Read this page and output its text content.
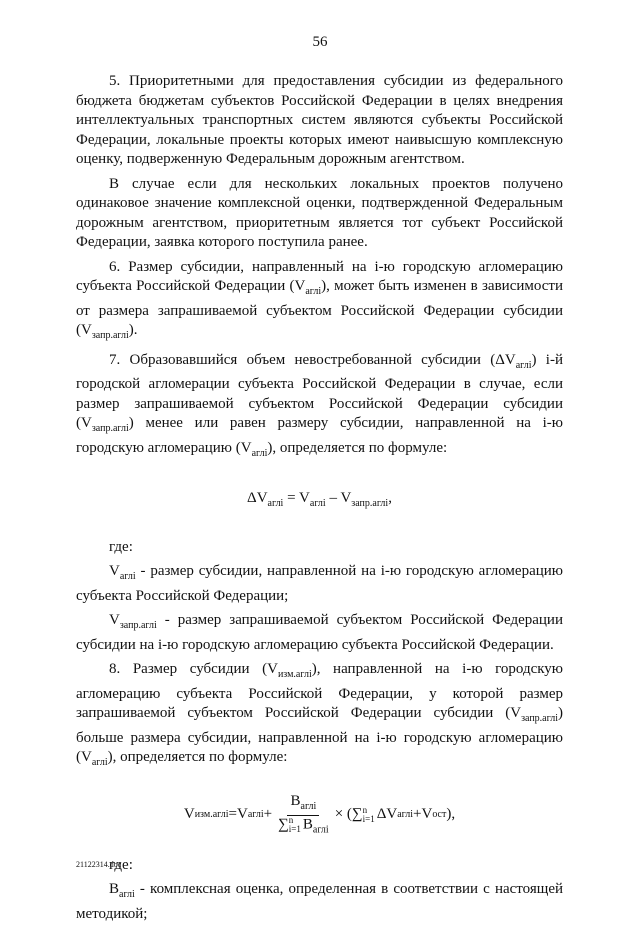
56

5. Приоритетными для предоставления субсидии из федерального бюджета бюджетам субъектов Российской Федерации в целях внедрения интеллектуальных транспортных систем являются субъекты Российской Федерации, локальные проекты которых имеют наивысшую комплексную оценку, подверженную Федеральным дорожным агентством.

В случае если для нескольких локальных проектов получено одинаковое значение комплексной оценки, подтвержденной Федеральным дорожным агентством, приоритетным является тот субъект Российской Федерации, заявка которого поступила ранее.

6. Размер субсидии, направленный на i-ю городскую агломерацию субъекта Российской Федерации $(V_{аглi})$, может быть изменен в зависимости от размера запрашиваемой субъектом Российской Федерации субсидии $(V_{запр.аглi})$.

7. Образовавшийся объем невостребованной субсидии $(\Delta V_{аглi})$ i-й городской агломерации субъекта Российской Федерации в случае, если размер запрашиваемой субъектом Российской Федерации субсидии $(V_{запр.аглi})$ менее или равен размеру субсидии, направленной на i-ю городскую агломерацию $(V_{аглi})$, определяется по формуле:

$\Delta V_{аглi} = V_{аглi} - V_{запр.аглi}$,

где:

$V_{аглi}$ - размер субсидии, направленной на i-ю городскую агломерацию субъекта Российской Федерации;

$V_{запр.аглi}$ - размер запрашиваемой субъектом Российской Федерации субсидии на i-ю городскую агломерацию субъекта Российской Федерации.

8. Размер субсидии $(V_{изм.аглi})$, направленной на i-ю городскую агломерацию субъекта Российской Федерации, у которой размер запрашиваемой субъектом Российской Федерации субсидии $(V_{запр.аглi})$ больше размера субсидии, направленной на i-ю городскую агломерацию $(V_{аглi})$, определяется по формуле:

V изм.аглi = V аглi + $B_{аглi}$
∑ n
i=1 $B_{аглi}$ × ( ∑ n
i=1 ΔV аглi + V ост ),

где:

$B_{аглi}$ - комплексная оценка, определенная в соответствии с настоящей методикой;

21122314.doc
